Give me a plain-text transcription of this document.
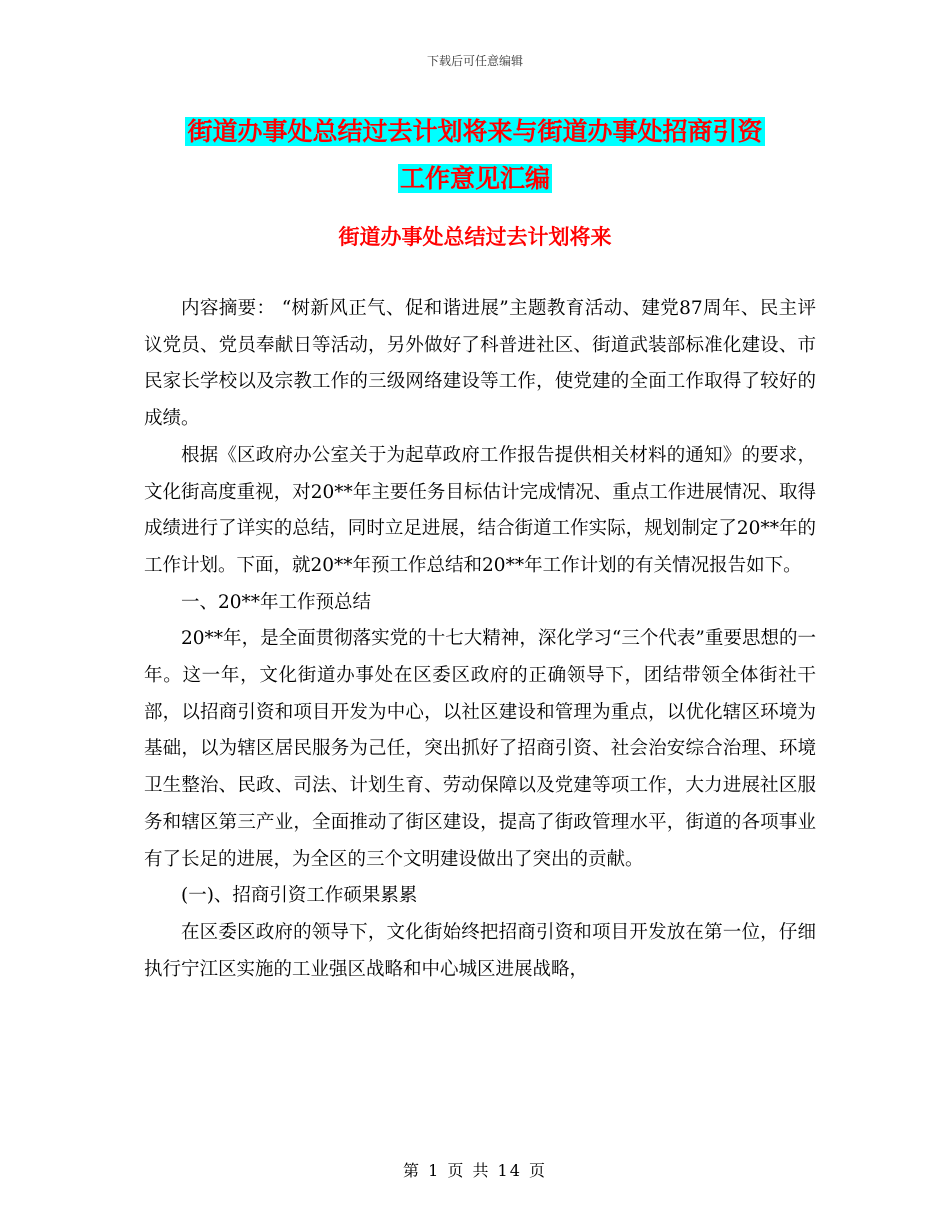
下载后可任意编辑
街道办事处总结过去计划将来与街道办事处招商引资
工作意见汇编
街道办事处总结过去计划将来

内容摘要： “树新风正气、促和谐进展”主题教育活动、建党87周年、民主评议党员、党员奉献日等活动，另外做好了科普进社区、街道武装部标准化建设、市民家长学校以及宗教工作的三级网络建设等工作，使党建的全面工作取得了较好的成绩。

根据《区政府办公室关于为起草政府工作报告提供相关材料的通知》的要求，文化街高度重视，对20**年主要任务目标估计完成情况、重点工作进展情况、取得成绩进行了详实的总结，同时立足进展，结合街道工作实际，规划制定了20**年的工作计划。下面，就20**年预工作总结和20**年工作计划的有关情况报告如下。

一、20**年工作预总结

20**年，是全面贯彻落实党的十七大精神，深化学习“三个代表”重要思想的一年。这一年，文化街道办事处在区委区政府的正确领导下，团结带领全体街社干部，以招商引资和项目开发为中心，以社区建设和管理为重点，以优化辖区环境为基础，以为辖区居民服务为己任，突出抓好了招商引资、社会治安综合治理、环境卫生整治、民政、司法、计划生育、劳动保障以及党建等项工作，大力进展社区服务和辖区第三产业，全面推动了街区建设，提高了街政管理水平，街道的各项事业有了长足的进展，为全区的三个文明建设做出了突出的贡献。

(一)、招商引资工作硕果累累

在区委区政府的领导下，文化街始终把招商引资和项目开发放在第一位，仔细执行宁江区实施的工业强区战略和中心城区进展战略，

第 1 页 共 14 页
